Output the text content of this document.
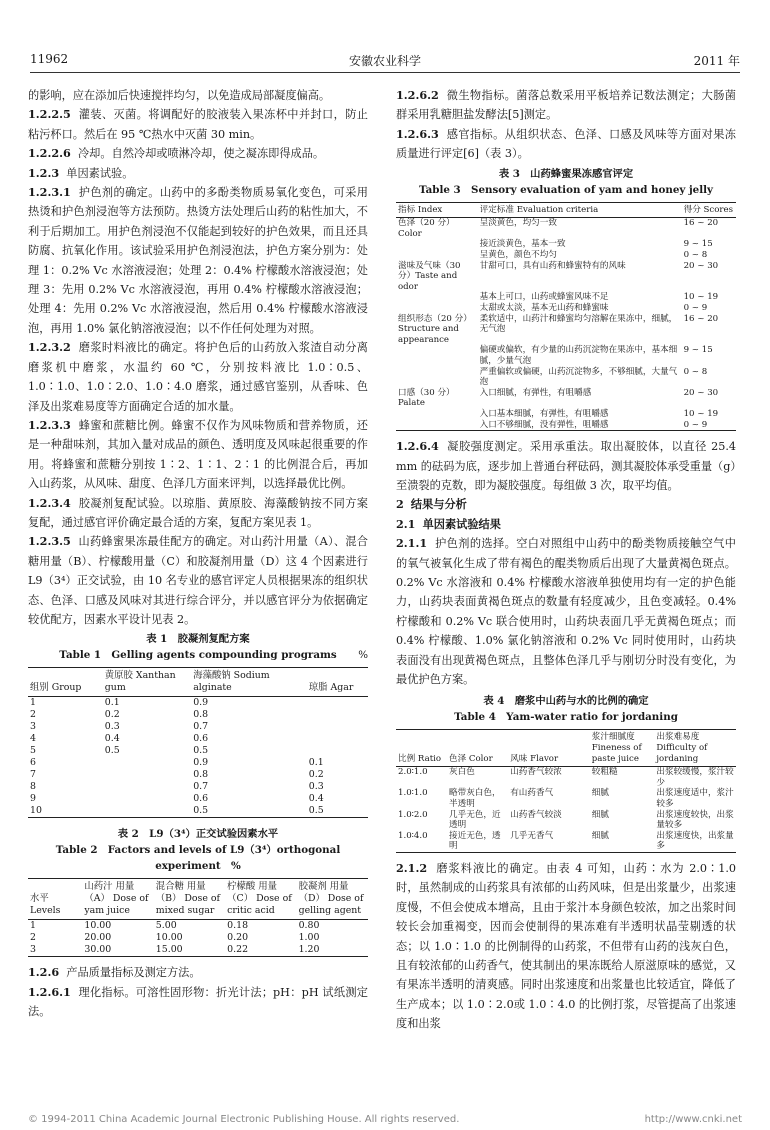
11962	安徽农业科学	2011 年

的影响，应在添加后快速搅拌均匀，以免造成局部凝度偏高。

1.2.2.5 灌装、灭菌。将调配好的胶液装入果冻杯中并封口，防止粘污杯口。然后在 95 ℃热水中灭菌 30 min。

1.2.2.6 冷却。自然冷却或喷淋冷却，使之凝冻即得成品。

1.2.3 单因素试验。

1.2.3.1 护色剂的确定。山药中的多酚类物质易氧化变色，可采用热烫和护色剂浸泡等方法预防。热烫方法处理后山药的粘性加大，不利于后期加工。用护色剂浸泡不仅能起到较好的护色效果，而且还具防腐、抗氧化作用。该试验采用护色剂浸泡法，护色方案分别为：处理 1：0.2% Vc 水溶液浸泡；处理 2：0.4% 柠檬酸水溶液浸泡；处理 3：先用 0.2% Vc 水溶液浸泡，再用 0.4% 柠檬酸水溶液浸泡；处理 4：先用 0.2% Vc 水溶液浸泡，然后用 0.4% 柠檬酸水溶液浸泡，再用 1.0% 氯化钠溶液浸泡；以不作任何处理为对照。

1.2.3.2 磨浆时料液比的确定。将护色后的山药放入浆渣自动分离磨浆机中磨浆，水温约 60 ℃，分别按料液比 1.0∶0.5、1.0∶1.0、1.0∶2.0、1.0∶4.0 磨浆，通过感官鉴别，从香味、色泽及出浆难易度等方面确定合适的加水量。

1.2.3.3 蜂蜜和蔗糖比例。蜂蜜不仅作为风味物质和营养物质，还是一种甜味剂，其加入量对成品的颜色、透明度及风味起很重要的作用。将蜂蜜和蔗糖分别按 1∶2、1∶1、2∶1 的比例混合后，再加入山药浆，从风味、甜度、色泽几方面来评判，以选择最优比例。

1.2.3.4 胶凝剂复配试验。以琼脂、黄原胶、海藻酸钠按不同方案复配，通过感官评价确定最合适的方案，复配方案见表 1。

1.2.3.5 山药蜂蜜果冻最佳配方的确定。对山药汁用量（A）、混合糖用量（B）、柠檬酸用量（C）和胶凝剂用量（D）这 4 个因素进行 L9（3⁴）正交试验，由 10 名专业的感官评定人员根据果冻的组织状态、色泽、口感及风味对其进行综合评分，并以感官评分为依据确定较优配方，因素水平设计见表 2。

表 1　胶凝剂复配方案
Table 1　Gelling agents compounding programs %
组别 Group	黄原胶 Xanthan gum	海藻酸钠 Sodium alginate	琼脂 Agar
1	0.1	0.9	
2	0.2	0.8	
3	0.3	0.7	
4	0.4	0.6	
5	0.5	0.5	
6		0.9	0.1
7		0.8	0.2
8		0.7	0.3
9		0.6	0.4
10		0.5	0.5
表 2　L9（3⁴）正交试验因素水平
Table 2　Factors and levels of L9（3⁴）orthogonal experiment　%
水平 Levels	山药汁 用量（A） Dose of yam juice	混合糖 用量（B） Dose of mixed sugar	柠檬酸 用量（C） Dose of critic acid	胶凝剂 用量（D） Dose of gelling agent
1	10.00	5.00	0.18	0.80
2	20.00	10.00	0.20	1.00
3	30.00	15.00	0.22	1.20

1.2.6 产品质量指标及测定方法。

1.2.6.1 理化指标。可溶性固形物：折光计法；pH：pH 试纸测定法。

1.2.6.2 微生物指标。菌落总数采用平板培养记数法测定；大肠菌群采用乳糖胆盐发酵法[5]测定。

1.2.6.3 感官指标。从组织状态、色泽、口感及风味等方面对果冻质量进行评定[6]（表 3）。

表 3　山药蜂蜜果冻感官评定
Table 3　Sensory evaluation of yam and honey jelly
指标 Index	评定标准 Evaluation criteria	得分 Scores
色泽（20 分）Color	呈淡黄色，均匀一致	16 ~ 20
	接近淡黄色，基本一致	9 ~ 15
	呈黄色，颜色不均匀	0 ~ 8
滋味及气味（30 分）Taste and odor	甘甜可口，具有山药和蜂蜜特有的风味	20 ~ 30
	基本上可口，山药或蜂蜜风味不足	10 ~ 19
	太甜或太淡，基本无山药和蜂蜜味	0 ~ 9
组织形态（20 分）Structure and appearance	柔软适中，山药汁和蜂蜜均匀溶解在果冻中，细腻，无气泡	16 ~ 20
	偏硬或偏软，有少量的山药沉淀物在果冻中，基本细腻，少量气泡	9 ~ 15
	严重偏软或偏硬，山药沉淀物多，不够细腻，大量气泡	0 ~ 8
口感（30 分）Palate	入口细腻，有弹性，有咀嚼感	20 ~ 30
	入口基本细腻，有弹性，有咀嚼感	10 ~ 19
	入口不够细腻，没有弹性，咀嚼感	0 ~ 9

1.2.6.4 凝胶强度测定。采用承重法。取出凝胶体，以直径 25.4 mm 的砝码为底，逐步加上普通台秤砝码，测其凝胶体承受重量（g）至溃裂的克数，即为凝胶强度。每组做 3 次，取平均值。

2 结果与分析

2.1 单因素试验结果

2.1.1 护色剂的选择。空白对照组中山药中的酚类物质接触空气中的氧气被氧化生成了带有褐色的醌类物质后出现了大量黄褐色斑点。0.2% Vc 水溶液和 0.4% 柠檬酸水溶液单独使用均有一定的护色能力，山药块表面黄褐色斑点的数量有轻度减少，且色变减轻。0.4% 柠檬酸和 0.2% Vc 联合使用时，山药块表面几乎无黄褐色斑点；而 0.4% 柠檬酸、1.0% 氯化钠溶液和 0.2% Vc 同时使用时，山药块表面没有出现黄褐色斑点，且整体色泽几乎与刚切分时没有变化，为最优护色方案。

表 4　磨浆中山药与水的比例的确定
Table 4　Yam-water ratio for jordaning
比例 Ratio	色泽 Color	风味 Flavor	浆汁细腻度 Fineness of paste juice	出浆难易度 Difficulty of jordaning
2.0∶1.0	灰白色	山药香气较浓	较粗糙	出浆较缓慢，浆汁较少
1.0∶1.0	略带灰白色，半透明	有山药香气	细腻	出浆速度适中，浆汁较多
1.0∶2.0	几乎无色，近透明	山药香气较淡	细腻	出浆速度较快，出浆量较多
1.0∶4.0	接近无色，透明	几乎无香气	细腻	出浆速度快，出浆量多

2.1.2 磨浆料液比的确定。由表 4 可知，山药∶水为 2.0∶1.0 时，虽然制成的山药浆具有浓郁的山药风味，但是出浆量少，出浆速度慢，不但会使成本增高，且由于浆汁本身颜色较浓，加之出浆时间较长会加重褐变，因而会使制得的果冻难有半透明状晶莹剔透的状态；以 1.0∶1.0 的比例制得的山药浆，不但带有山药的浅灰白色，且有较浓郁的山药香气，使其制出的果冻既给人原滋原味的感觉，又有果冻半透明的清爽感。同时出浆速度和出浆量也比较适宜，降低了生产成本；以 1.0∶2.0或 1.0∶4.0 的比例打浆，尽管提高了出浆速度和出浆

© 1994-2011 China Academic Journal Electronic Publishing House. All rights reserved.	http://www.cnki.net
